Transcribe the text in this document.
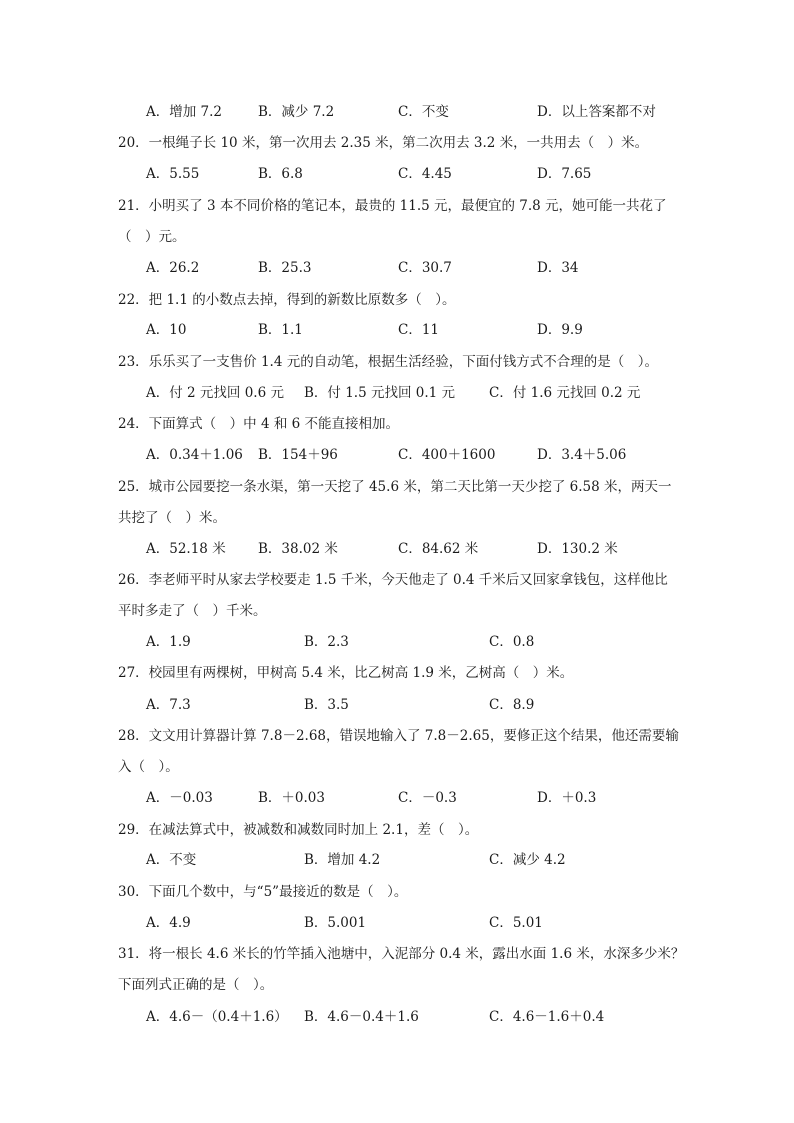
A．增加 7.2	B．减少 7.2	C．不变	D．以上答案都不对
20．一根绳子长 10 米，第一次用去 2.35 米，第二次用去 3.2 米，一共用去（　）米。
A．5.55	B．6.8	C．4.45	D．7.65
21．小明买了 3 本不同价格的笔记本，最贵的 11.5 元，最便宜的 7.8 元，她可能一共花了
（　）元。
A．26.2	B．25.3	C．30.7	D．34
22．把 1.1 的小数点去掉，得到的新数比原数多（　）。
A．10	B．1.1	C．11	D．9.9
23．乐乐买了一支售价 1.4 元的自动笔，根据生活经验，下面付钱方式不合理的是（　）。
A．付 2 元找回 0.6 元 B．付 1.5 元找回 0.1 元	C．付 1.6 元找回 0.2 元
24．下面算式（　）中 4 和 6 不能直接相加。
A．0.34＋1.06 B．154＋96	C．400＋1600	D．3.4＋5.06
25．城市公园要挖一条水渠，第一天挖了 45.6 米，第二天比第一天少挖了 6.58 米，两天一
共挖了（　）米。
A．52.18 米 B．38.02 米	C．84.62 米	D．130.2 米
26．李老师平时从家去学校要走 1.5 千米，今天他走了 0.4 千米后又回家拿钱包，这样他比
平时多走了（　）千米。
A．1.9	B．2.3	C．0.8
27．校园里有两棵树，甲树高 5.4 米，比乙树高 1.9 米，乙树高（　）米。
A．7.3	B．3.5	C．8.9
28．文文用计算器计算 7.8－2.68，错误地输入了 7.8－2.65，要修正这个结果，他还需要输
入（　）。
A．－0.03	B．＋0.03	C．－0.3	D．＋0.3
29．在减法算式中，被减数和减数同时加上 2.1，差（　）。
A．不变	B．增加 4.2	C．减少 4.2
30．下面几个数中，与“5”最接近的数是（　）。
A．4.9	B．5.001	C．5.01
31．将一根长 4.6 米长的竹竿插入池塘中，入泥部分 0.4 米，露出水面 1.6 米，水深多少米？
下面列式正确的是（　）。
A．4.6－（0.4＋1.6） B．4.6－0.4＋1.6	C．4.6－1.6＋0.4
